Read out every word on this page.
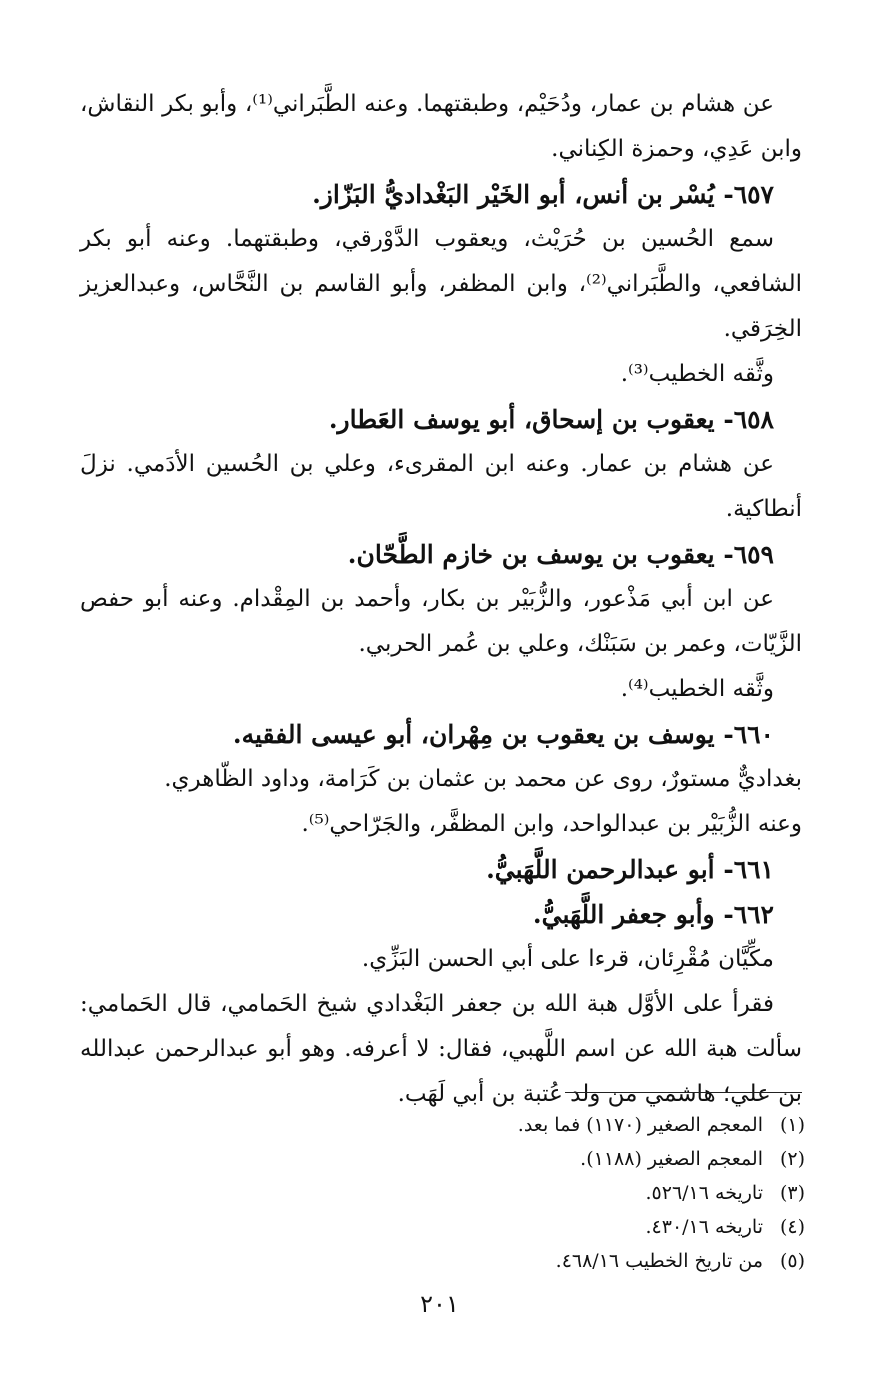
عن هشام بن عمار، ودُحَيْم، وطبقتهما. وعنه الطَّبَراني⁽¹⁾، وأبو بكر النقاش، وابن عَدِي، وحمزة الكِناني.

٦٥٧- يُسْر بن أنس، أبو الخَيْر البَغْداديُّ البَزّاز.

سمع الحُسين بن حُرَيْث، ويعقوب الدَّوْرقي، وطبقتهما. وعنه أبو بكر الشافعي، والطَّبَراني⁽²⁾، وابن المظفر، وأبو القاسم بن النَّحَّاس، وعبدالعزيز الخِرَقي.

وثَّقه الخطيب⁽³⁾.

٦٥٨- يعقوب بن إسحاق، أبو يوسف العَطار.

عن هشام بن عمار. وعنه ابن المقرىء، وعلي بن الحُسين الأدَمي. نزلَ أنطاكية.

٦٥٩- يعقوب بن يوسف بن خازم الطَّحّان.

عن ابن أبي مَذْعور، والزُّبَيْر بن بكار، وأحمد بن المِقْدام. وعنه أبو حفص الزَّيّات، وعمر بن سَبَنْك، وعلي بن عُمر الحربي.

وثَّقه الخطيب⁽⁴⁾.

٦٦٠- يوسف بن يعقوب بن مِهْران، أبو عيسى الفقيه.

بغداديٌّ مستورٌ، روى عن محمد بن عثمان بن كَرَامة، وداود الظّاهري.

وعنه الزُّبَيْر بن عبدالواحد، وابن المظفَّر، والجَرّاحي⁽⁵⁾.

٦٦١- أبو عبدالرحمن اللَّهَبيُّ.

٦٦٢- وأبو جعفر اللَّهَبيُّ.

مكِّيَّان مُقْرِئان، قرءا على أبي الحسن البَزِّي.

فقرأ على الأوَّل هبة الله بن جعفر البَغْدادي شيخ الحَمامي، قال الحَمامي: سألت هبة الله عن اسم اللَّهبي، فقال: لا أعرفه. وهو أبو عبدالرحمن عبدالله بن علي؛ هاشمي من ولد عُتبة بن أبي لَهَب.

(١)المعجم الصغير (١١٧٠) فما بعد.
(٢)المعجم الصغير (١١٨٨).
(٣)تاريخه ٥٢٦/١٦.
(٤)تاريخه ٤٣٠/١٦.
(٥)من تاريخ الخطيب ٤٦٨/١٦.
٢٠١
